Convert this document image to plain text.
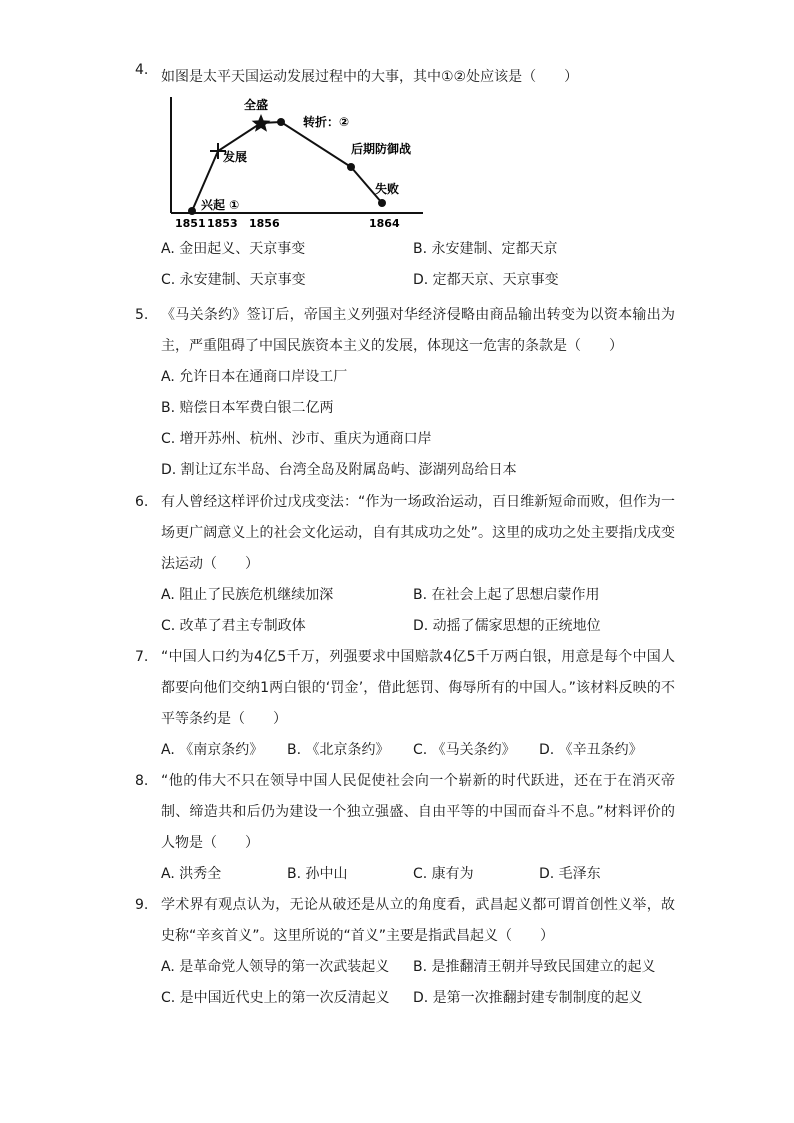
4. 如图是太平天国运动发展过程中的大事，其中①②处应该是（　　）
兴起 ①
发展
全盛
转折：②
后期防御战
失败
1851 1853 1856	1864
A. 金田起义、天京事变	B. 永安建制、定都天京
C. 永安建制、天京事变	D. 定都天京、天京事变
5. 《马关条约》签订后，帝国主义列强对华经济侵略由商品输出转变为以资本输出为主，严重阻碍了中国民族资本主义的发展，体现这一危害的条款是（　　）
A. 允许日本在通商口岸设工厂
B. 赔偿日本军费白银二亿两
C. 增开苏州、杭州、沙市、重庆为通商口岸
D. 割让辽东半岛、台湾全岛及附属岛屿、澎湖列岛给日本
6. 有人曾经这样评价过戊戌变法：“作为一场政治运动，百日维新短命而败，但作为一场更广阔意义上的社会文化运动，自有其成功之处”。这里的成功之处主要指戊戌变法运动（　　）
A. 阻止了民族危机继续加深	B. 在社会上起了思想启蒙作用
C. 改革了君主专制政体	D. 动摇了儒家思想的正统地位
7. “中国人口约为4亿5千万，列强要求中国赔款4亿5千万两白银，用意是每个中国人都要向他们交纳1两白银的‘罚金’，借此惩罚、侮辱所有的中国人。”该材料反映的不平等条约是（　　）
A. 《南京条约》 B. 《北京条约》 C. 《马关条约》 D. 《辛丑条约》
8. “他的伟大不只在领导中国人民促使社会向一个崭新的时代跃进，还在于在消灭帝制、缔造共和后仍为建设一个独立强盛、自由平等的中国而奋斗不息。”材料评价的人物是（　　）
A. 洪秀全	B. 孙中山	C. 康有为	D. 毛泽东
9. 学术界有观点认为，无论从破还是从立的角度看，武昌起义都可谓首创性义举，故史称“辛亥首义”。这里所说的“首义”主要是指武昌起义（　　）
A. 是革命党人领导的第一次武装起义 B. 是推翻清王朝并导致民国建立的起义
C. 是中国近代史上的第一次反清起义 D. 是第一次推翻封建专制制度的起义
